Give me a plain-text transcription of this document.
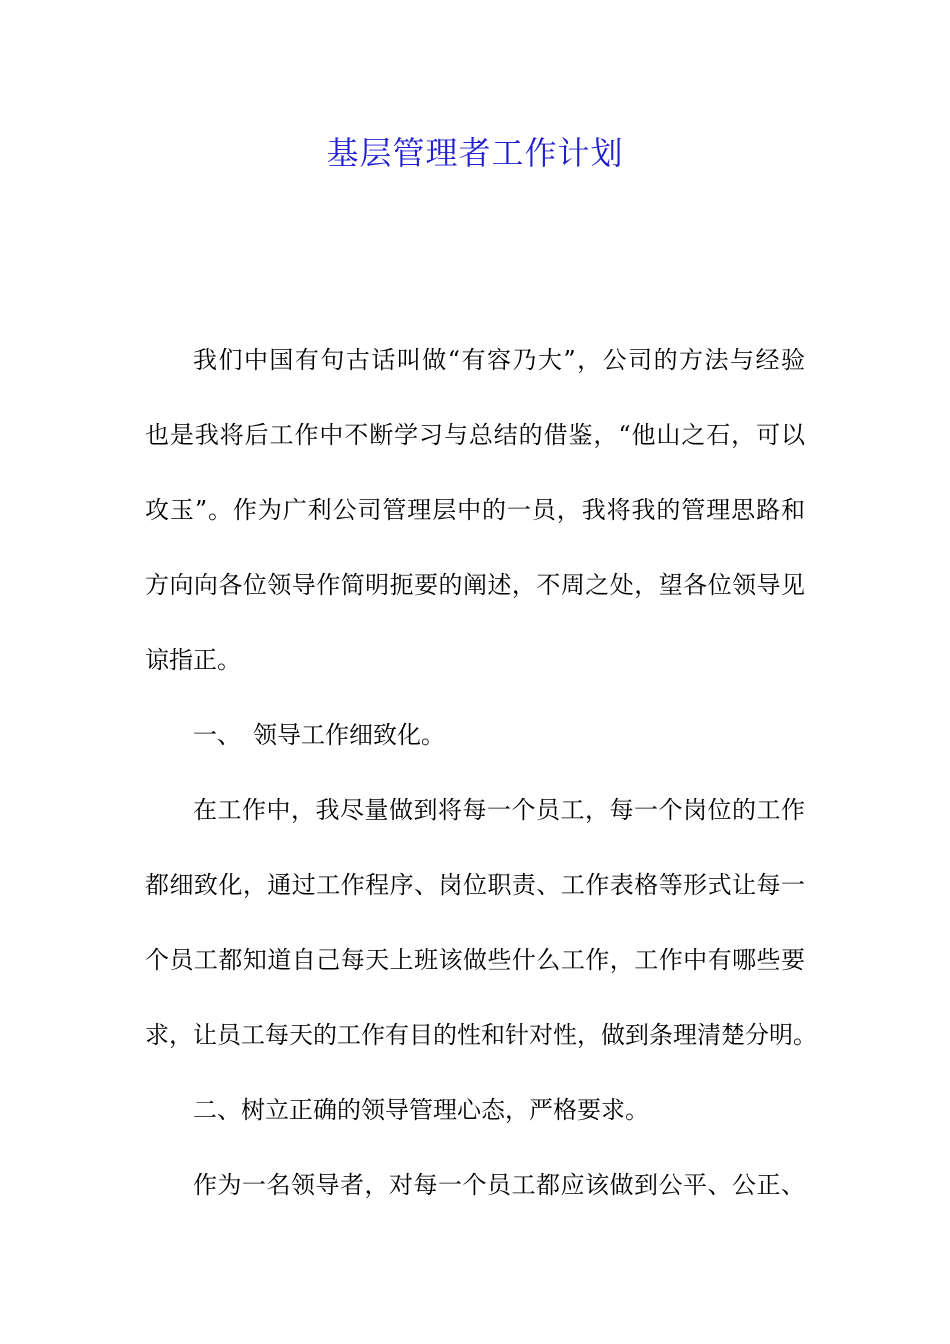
基层管理者工作计划

我们中国有句古话叫做“有容乃大”，公司的方法与经验

也是我将后工作中不断学习与总结的借鉴，“他山之石，可以

攻玉”。作为广利公司管理层中的一员，我将我的管理思路和

方向向各位领导作简明扼要的阐述，不周之处，望各位领导见

谅指正。

一、 领导工作细致化。

在工作中，我尽量做到将每一个员工，每一个岗位的工作

都细致化，通过工作程序、岗位职责、工作表格等形式让每一

个员工都知道自己每天上班该做些什么工作，工作中有哪些要

求，让员工每天的工作有目的性和针对性，做到条理清楚分明。

二、树立正确的领导管理心态，严格要求。

作为一名领导者，对每一个员工都应该做到公平、公正、
